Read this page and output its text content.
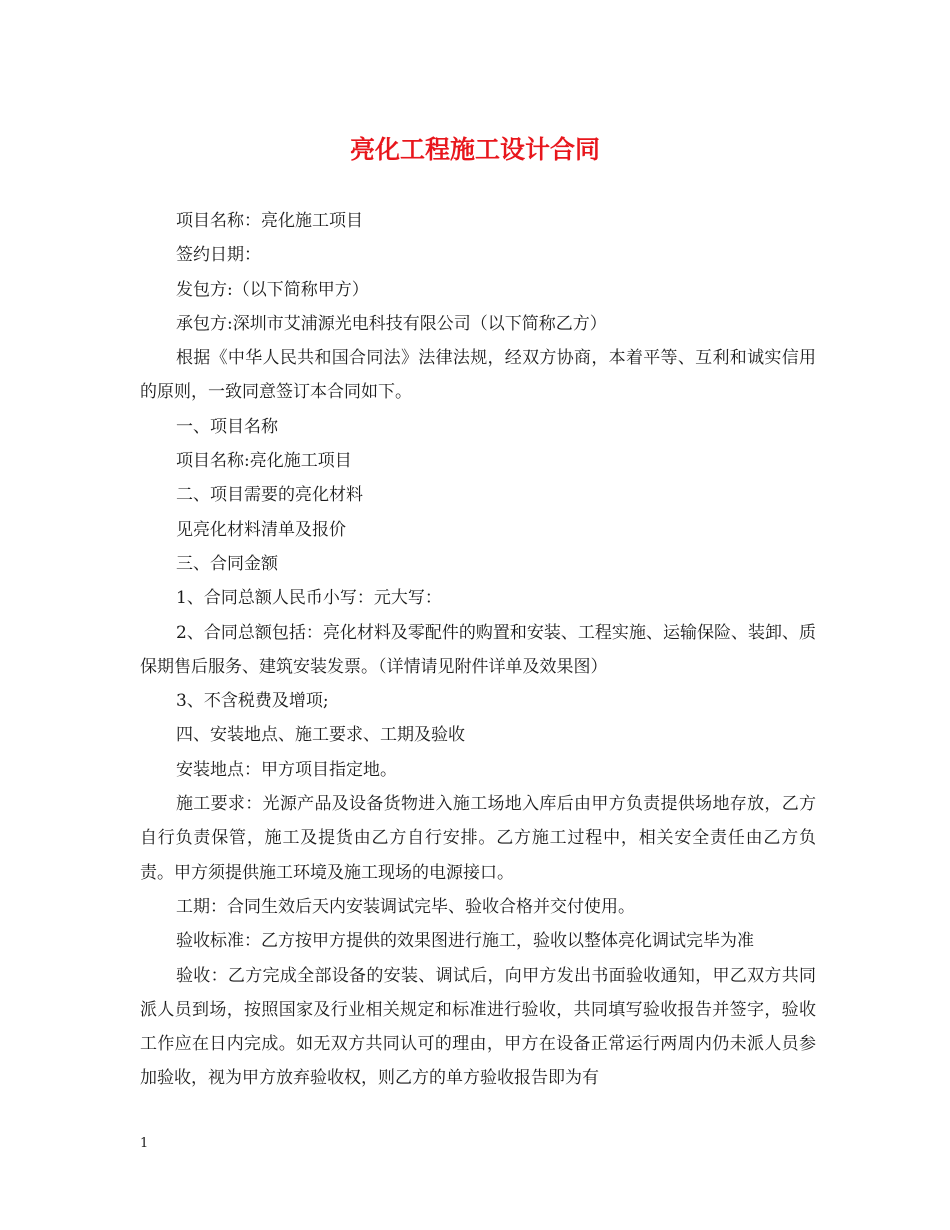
亮化工程施工设计合同

项目名称：亮化施工项目

签约日期：

发包方:（以下简称甲方）

承包方:深圳市艾浦源光电科技有限公司（以下简称乙方）

根据《中华人民共和国合同法》法律法规，经双方协商，本着平等、互利和诚实信用的原则，一致同意签订本合同如下。

一、项目名称

项目名称:亮化施工项目

二、项目需要的亮化材料

见亮化材料清单及报价

三、合同金额

1、合同总额人民币小写：元大写：

2、合同总额包括：亮化材料及零配件的购置和安装、工程实施、运输保险、装卸、质保期售后服务、建筑安装发票。（详情请见附件详单及效果图）

3、不含税费及增项;

四、安装地点、施工要求、工期及验收

安装地点：甲方项目指定地。

施工要求：光源产品及设备货物进入施工场地入库后由甲方负责提供场地存放，乙方自行负责保管，施工及提货由乙方自行安排。乙方施工过程中，相关安全责任由乙方负责。甲方须提供施工环境及施工现场的电源接口。

工期：合同生效后天内安装调试完毕、验收合格并交付使用。

验收标准：乙方按甲方提供的效果图进行施工，验收以整体亮化调试完毕为准

验收：乙方完成全部设备的安装、调试后，向甲方发出书面验收通知，甲乙双方共同派人员到场，按照国家及行业相关规定和标准进行验收，共同填写验收报告并签字，验收工作应在日内完成。如无双方共同认可的理由，甲方在设备正常运行两周内仍未派人员参加验收，视为甲方放弃验收权，则乙方的单方验收报告即为有

1
